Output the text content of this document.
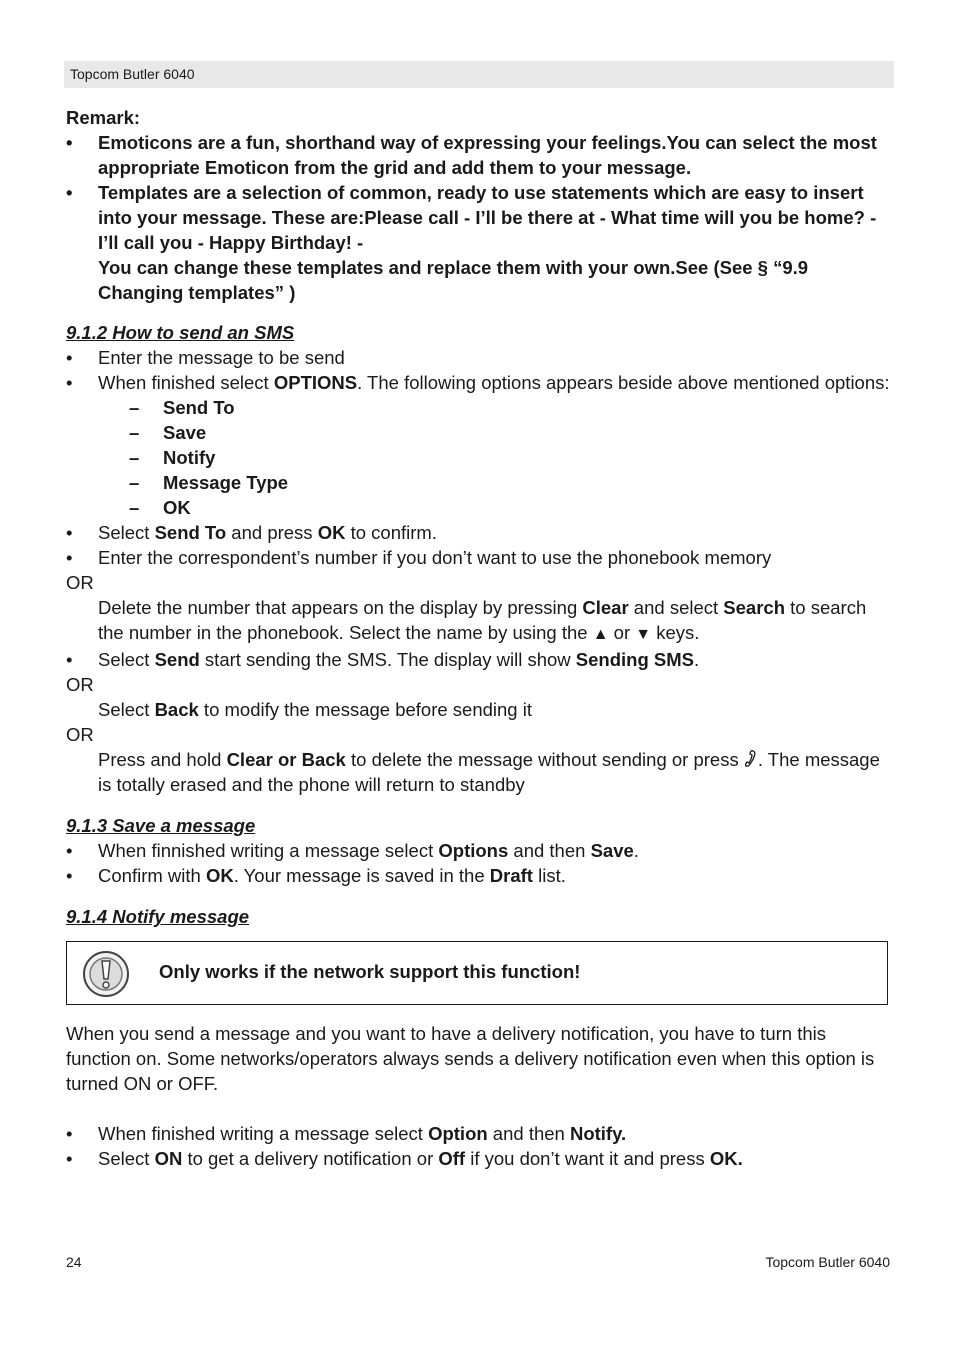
Topcom Butler 6040

Remark:

• Emoticons are a fun, shorthand way of expressing your feelings.You can select the most appropriate Emoticon from the grid and add them to your message.
• Templates are a selection of common, ready to use statements which are easy to insert into your message. These are:Please call - I’ll be there at - What time will you be home? - I’ll call you - Happy Birthday! -
You can change these templates and replace them with your own.See (See § “9.9 Changing templates” )
9.1.2 How to send an SMS
• Enter the message to be send
• When finished select OPTIONS. The following options appears beside above mentioned options:
– Send To
– Save
– Notify
– Message Type
– OK
• Select Send To and press OK to confirm.
• Enter the correspondent’s number if you don’t want to use the phonebook memory

OR

Delete the number that appears on the display by pressing Clear and select Search to search the number in the phonebook. Select the name by using the ▲ or ▼ keys.

• Select Send start sending the SMS. The display will show Sending SMS.

OR

Select Back to modify the message before sending it

OR

Press and hold Clear or Back to delete the message without sending or press . The message is totally erased and the phone will return to standby

9.1.3 Save a message
• When finnished writing a message select Options and then Save.
• Confirm with OK. Your message is saved in the Draft list.
9.1.4 Notify message
Only works if the network support this function!

When you send a message and you want to have a delivery notification, you have to turn this function on. Some networks/operators always sends a delivery notification even when this option is turned ON or OFF.

• When finished writing a message select Option and then Notify.
• Select ON to get a delivery notification or Off if you don’t want it and press OK.
24	Topcom Butler 6040
